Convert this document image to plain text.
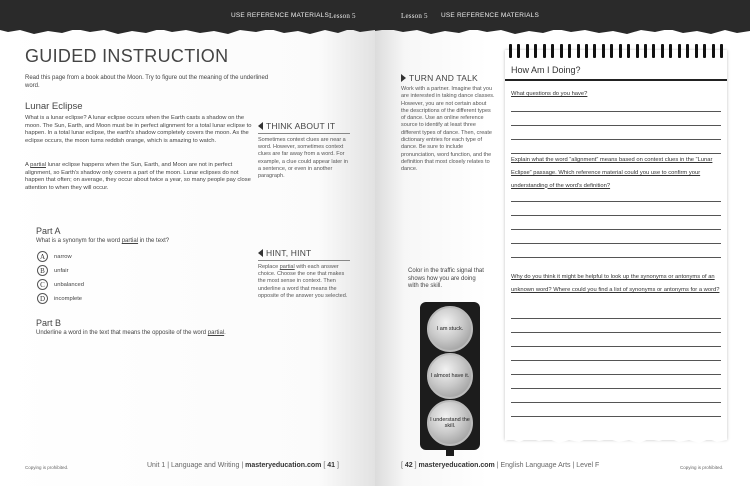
USE REFERENCE MATERIALS Lesson 5
GUIDED INSTRUCTION
Read this page from a book about the Moon. Try to figure out the meaning of the underlined word.
Lunar Eclipse
What is a lunar eclipse? A lunar eclipse occurs when the Earth casts a shadow on the moon. The Sun, Earth, and Moon must be in perfect alignment for a total lunar eclipse to happen. In a total lunar eclipse, the earth's shadow completely covers the moon. As the eclipse occurs, the moon turns reddish orange, which is amazing to watch.
A partial lunar eclipse happens when the Sun, Earth, and Moon are not in perfect alignment, so Earth's shadow only covers a part of the moon. Lunar eclipses do not happen that often; on average, they occur about twice a year, so many people pay close attention to when they will occur.
THINK ABOUT IT
Sometimes context clues are near a word. However, sometimes context clues are far away from a word. For example, a clue could appear later in a sentence, or even in another paragraph.
HINT, HINT
Replace partial with each answer choice. Choose the one that makes the most sense in context. Then underline a word that means the opposite of the answer you selected.
Part A
What is a synonym for the word partial in the text?
A	narrow
B	unfair
C	unbalanced
D	incomplete
Part B
Underline a word in the text that means the opposite of the word partial.
Copying is prohibited.	Unit 1 | Language and Writing | masteryeducation.com [ 41 ]
Lesson 5 USE REFERENCE MATERIALS
TURN AND TALK
Work with a partner. Imagine that you are interested in taking dance classes. However, you are not certain about the descriptions of the different types of dance. Use an online reference source to identify at least three different types of dance. Then, create dictionary entries for each type of dance. Be sure to include pronunciation, word function, and the definition that most closely relates to dance.
Color in the traffic signal that shows how you are doing with the skill.
I am stuck.
I almost have it.
I understand the skill.
How Am I Doing?
What questions do you have?
Explain what the word “alignment” means based on context clues in the “Lunar Eclipse” passage. Which reference material could you use to confirm your understanding of the word's definition?
Why do you think it might be helpful to look up the synonyms or antonyms of an unknown word? Where could you find a list of synonyms or antonyms for a word?
[ 42 ] masteryeducation.com | English Language Arts | Level F	Copying is prohibited.
